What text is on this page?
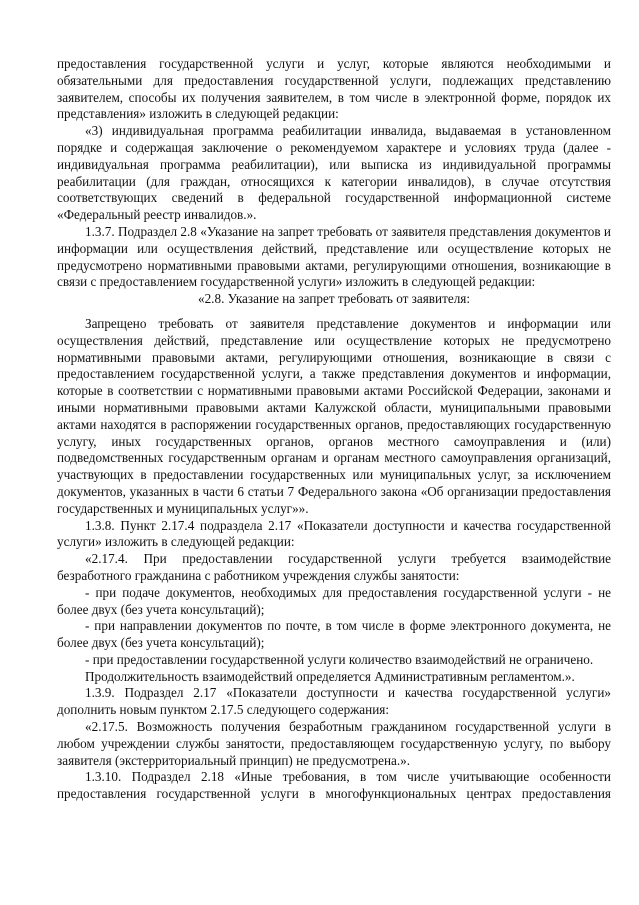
предоставления государственной услуги и услуг, которые являются необходимыми и обязательными для предоставления государственной услуги, подлежащих представлению заявителем, способы их получения заявителем, в том числе в электронной форме, порядок их представления» изложить в следующей редакции:

«3) индивидуальная программа реабилитации инвалида, выдаваемая в установленном порядке и содержащая заключение о рекомендуемом характере и условиях труда (далее - индивидуальная программа реабилитации), или выписка из индивидуальной программы реабилитации (для граждан, относящихся к категории инвалидов), в случае отсутствия соответствующих сведений в федеральной государственной информационной системе «Федеральный реестр инвалидов.».

1.3.7. Подраздел 2.8 «Указание на запрет требовать от заявителя представления документов и информации или осуществления действий, представление или осуществление которых не предусмотрено нормативными правовыми актами, регулирующими отношения, возникающие в связи с предоставлением государственной услуги» изложить в следующей редакции:

«2.8. Указание на запрет требовать от заявителя:

Запрещено требовать от заявителя представление документов и информации или осуществления действий, представление или осуществление которых не предусмотрено нормативными правовыми актами, регулирующими отношения, возникающие в связи с предоставлением государственной услуги, а также представления документов и информации, которые в соответствии с нормативными правовыми актами Российской Федерации, законами и иными нормативными правовыми актами Калужской области, муниципальными правовыми актами находятся в распоряжении государственных органов, предоставляющих государственную услугу, иных государственных органов, органов местного самоуправления и (или) подведомственных государственным органам и органам местного самоуправления организаций, участвующих в предоставлении государственных или муниципальных услуг, за исключением документов, указанных в части 6 статьи 7 Федерального закона «Об организации предоставления государственных и муниципальных услуг»».

1.3.8. Пункт 2.17.4 подраздела 2.17 «Показатели доступности и качества государственной услуги» изложить в следующей редакции:

«2.17.4. При предоставлении государственной услуги требуется взаимодействие безработного гражданина с работником учреждения службы занятости:

- при подаче документов, необходимых для предоставления государственной услуги - не более двух (без учета консультаций);

- при направлении документов по почте, в том числе в форме электронного документа, не более двух (без учета консультаций);

- при предоставлении государственной услуги количество взаимодействий не ограничено.

Продолжительность взаимодействий определяется Административным регламентом.».

1.3.9. Подраздел 2.17 «Показатели доступности и качества государственной услуги» дополнить новым пунктом 2.17.5 следующего содержания:

«2.17.5. Возможность получения безработным гражданином государственной услуги в любом учреждении службы занятости, предоставляющем государственную услугу, по выбору заявителя (экстерриториальный принцип) не предусмотрена.».

1.3.10. Подраздел 2.18 «Иные требования, в том числе учитывающие особенности предоставления государственной услуги в многофункциональных центрах предоставления
